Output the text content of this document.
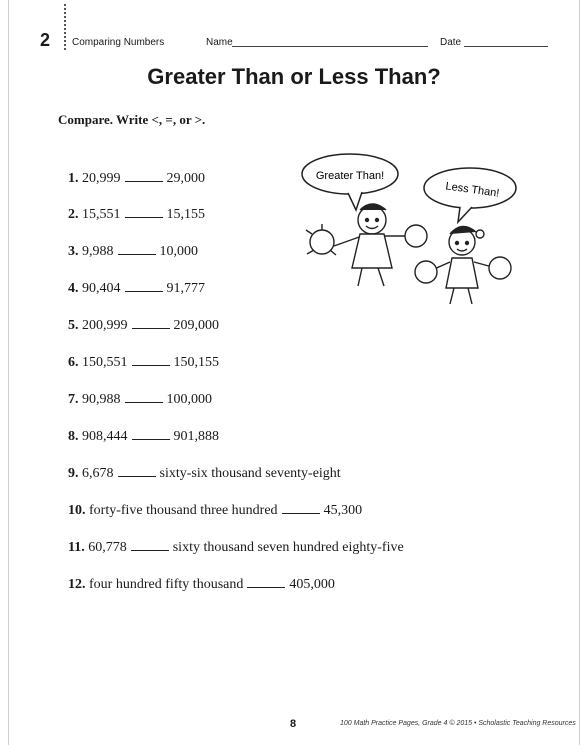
2 Comparing Numbers	Name	Date
Greater Than or Less Than?
Compare. Write <, =, or >.
1. 20,999	29,000
2. 15,551	15,155
3. 9,988	10,000
4. 90,404	91,777
5. 200,999	209,000
6. 150,551	150,155
7. 90,988	100,000
8. 908,444	901,888
9. 6,678	sixty-six thousand seventy-eight
10. forty-five thousand three hundred	45,300
11. 60,778	sixty thousand seven hundred eighty-five
12. four hundred fifty thousand	405,000
Greater Than!
Less Than!
8	100 Math Practice Pages, Grade 4 © 2015 • Scholastic Teaching Resources
